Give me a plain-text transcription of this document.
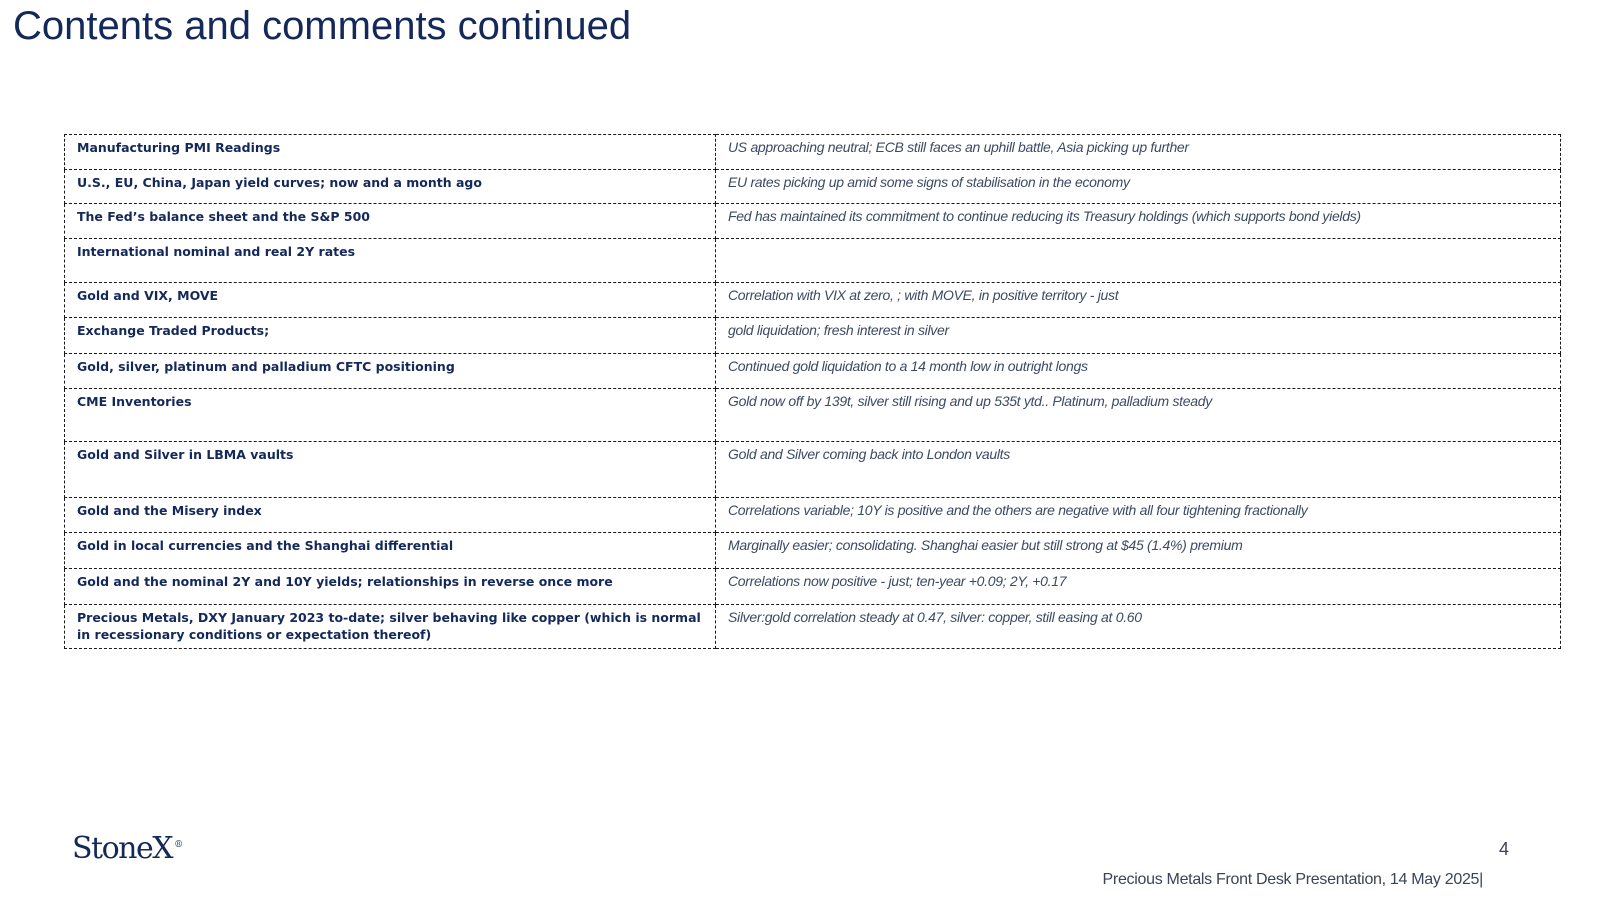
Contents and comments continued
Manufacturing PMI Readings	US approaching neutral; ECB still faces an uphill battle, Asia picking up further
U.S., EU, China, Japan yield curves; now and a month ago	EU rates picking up amid some signs of stabilisation in the economy
The Fed’s balance sheet and the S&P 500	Fed has maintained its commitment to continue reducing its Treasury holdings (which supports bond yields)
International nominal and real 2Y rates	
Gold and VIX, MOVE	Correlation with VIX at zero, ; with MOVE, in positive territory - just
Exchange Traded Products;	gold liquidation; fresh interest in silver
Gold, silver, platinum and palladium CFTC positioning	Continued gold liquidation to a 14 month low in outright longs
CME Inventories	Gold now off by 139t, silver still rising and up 535t ytd.. Platinum, palladium steady
Gold and Silver in LBMA vaults	Gold and Silver coming back into London vaults
Gold and the Misery index	Correlations variable; 10Y is positive and the others are negative with all four tightening fractionally
Gold in local currencies and the Shanghai differential	Marginally easier; consolidating. Shanghai easier but still strong at $45 (1.4%) premium
Gold and the nominal 2Y and 10Y yields; relationships in reverse once more	Correlations now positive - just; ten-year +0.09; 2Y, +0.17
Precious Metals, DXY January 2023 to-date; silver behaving like copper (which is normal in recessionary conditions or expectation thereof)	Silver:gold correlation steady at 0.47, silver: copper, still easing at 0.60
StoneX ®	4
Precious Metals Front Desk Presentation, 14 May 2025|
